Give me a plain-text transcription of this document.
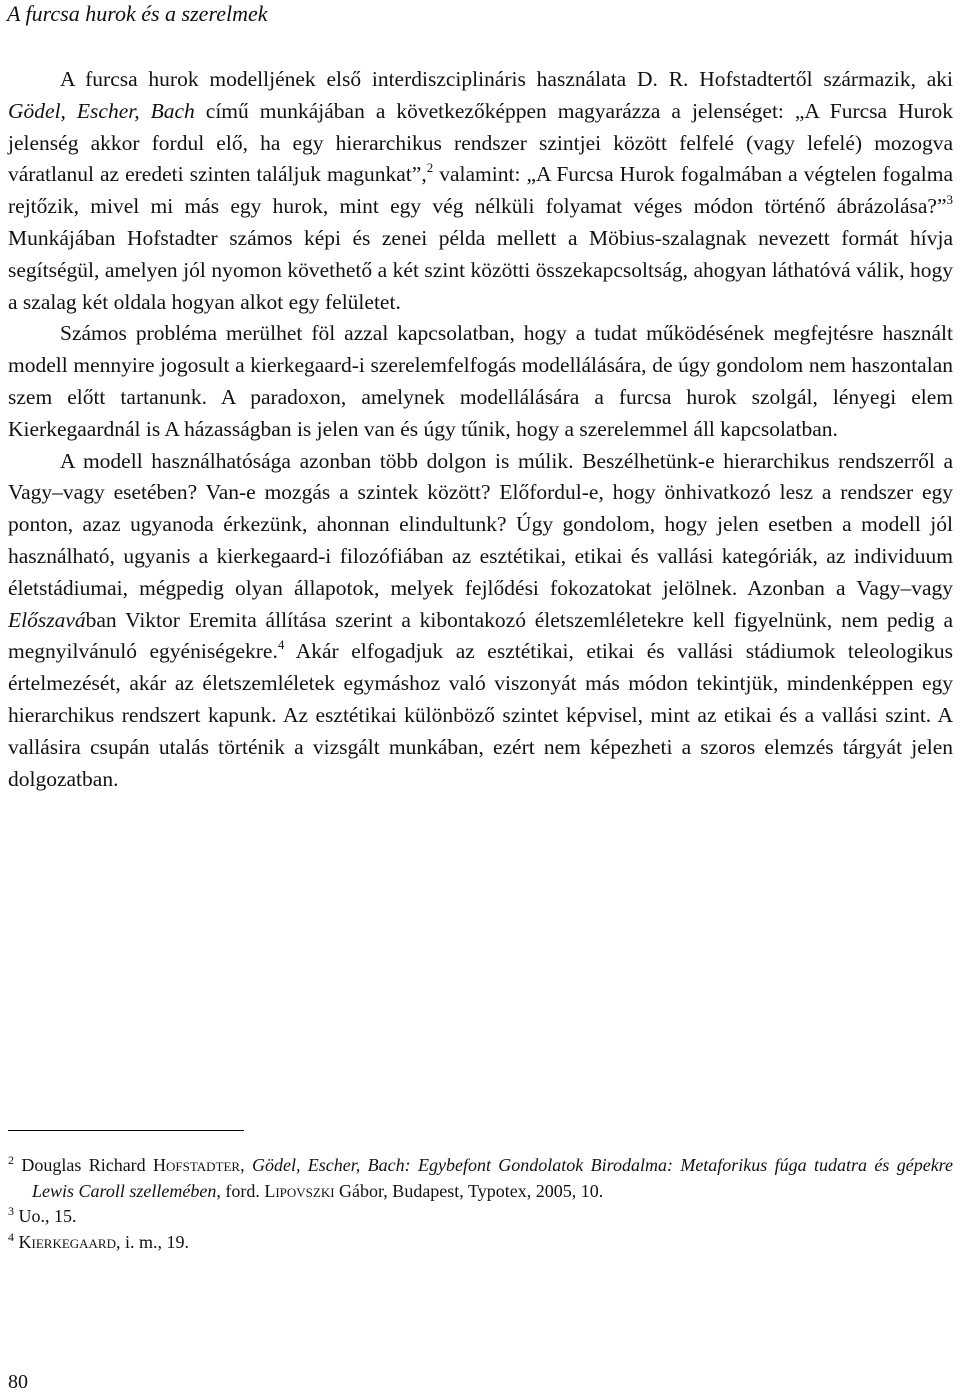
A furcsa hurok és a szerelmek

A furcsa hurok modelljének első interdiszciplináris használata D. R. Hofstadtertől származik, aki Gödel, Escher, Bach című munkájában a következőképpen magyarázza a jelenséget: „A Furcsa Hurok jelenség akkor fordul elő, ha egy hierarchikus rendszer szintjei között felfelé (vagy lefelé) mozogva váratlanul az eredeti szinten találjuk magunkat”,$^2$ valamint: „A Furcsa Hurok fogalmában a végtelen fogalma rejtőzik, mivel mi más egy hurok, mint egy vég nélküli folyamat véges módon történő ábrázolása?”$^3$ Munkájában Hofstadter számos képi és zenei példa mellett a Möbius-szalagnak nevezett formát hívja segítségül, amelyen jól nyomon követhető a két szint közötti összekapcsoltság, ahogyan láthatóvá válik, hogy a szalag két oldala hogyan alkot egy felületet.

Számos probléma merülhet föl azzal kapcsolatban, hogy a tudat működésének megfejtésre használt modell mennyire jogosult a kierkegaard-i szerelemfelfogás modellálására, de úgy gondolom nem haszontalan szem előtt tartanunk. A paradoxon, amelynek modellálására a furcsa hurok szolgál, lényegi elem Kierkegaardnál is A házasságban is jelen van és úgy tűnik, hogy a szerelemmel áll kapcsolatban.

A modell használhatósága azonban több dolgon is múlik. Beszélhetünk-e hierarchikus rendszerről a Vagy–vagy esetében? Van-e mozgás a szintek között? Előfordul-e, hogy önhivatkozó lesz a rendszer egy ponton, azaz ugyanoda érkezünk, ahonnan elindultunk? Úgy gondolom, hogy jelen esetben a modell jól használható, ugyanis a kierkegaard-i filozófiában az esztétikai, etikai és vallási kategóriák, az individuum életstádiumai, mégpedig olyan állapotok, melyek fejlődési fokozatokat jelölnek. Azonban a Vagy–vagy Előszavában Viktor Eremita állítása szerint a kibontakozó életszemléletekre kell figyelnünk, nem pedig a megnyilvánuló egyéniségekre.$^4$ Akár elfogadjuk az esztétikai, etikai és vallási stádiumok teleologikus értelmezését, akár az életszemléletek egymáshoz való viszonyát más módon tekintjük, mindenképpen egy hierarchikus rendszert kapunk. Az esztétikai különböző szintet képvisel, mint az etikai és a vallási szint. A vallásira csupán utalás történik a vizsgált munkában, ezért nem képezheti a szoros elemzés tárgyát jelen dolgozatban.

$^2$ Douglas Richard Hofstadter, Gödel, Escher, Bach: Egybefont Gondolatok Birodalma: Metaforikus fúga tudatra és gépekre Lewis Caroll szellemében, ford. Lipovszki Gábor, Budapest, Typotex, 2005, 10.

$^3$ Uo., 15.

$^4$ Kierkegaard, i. m., 19.

80
